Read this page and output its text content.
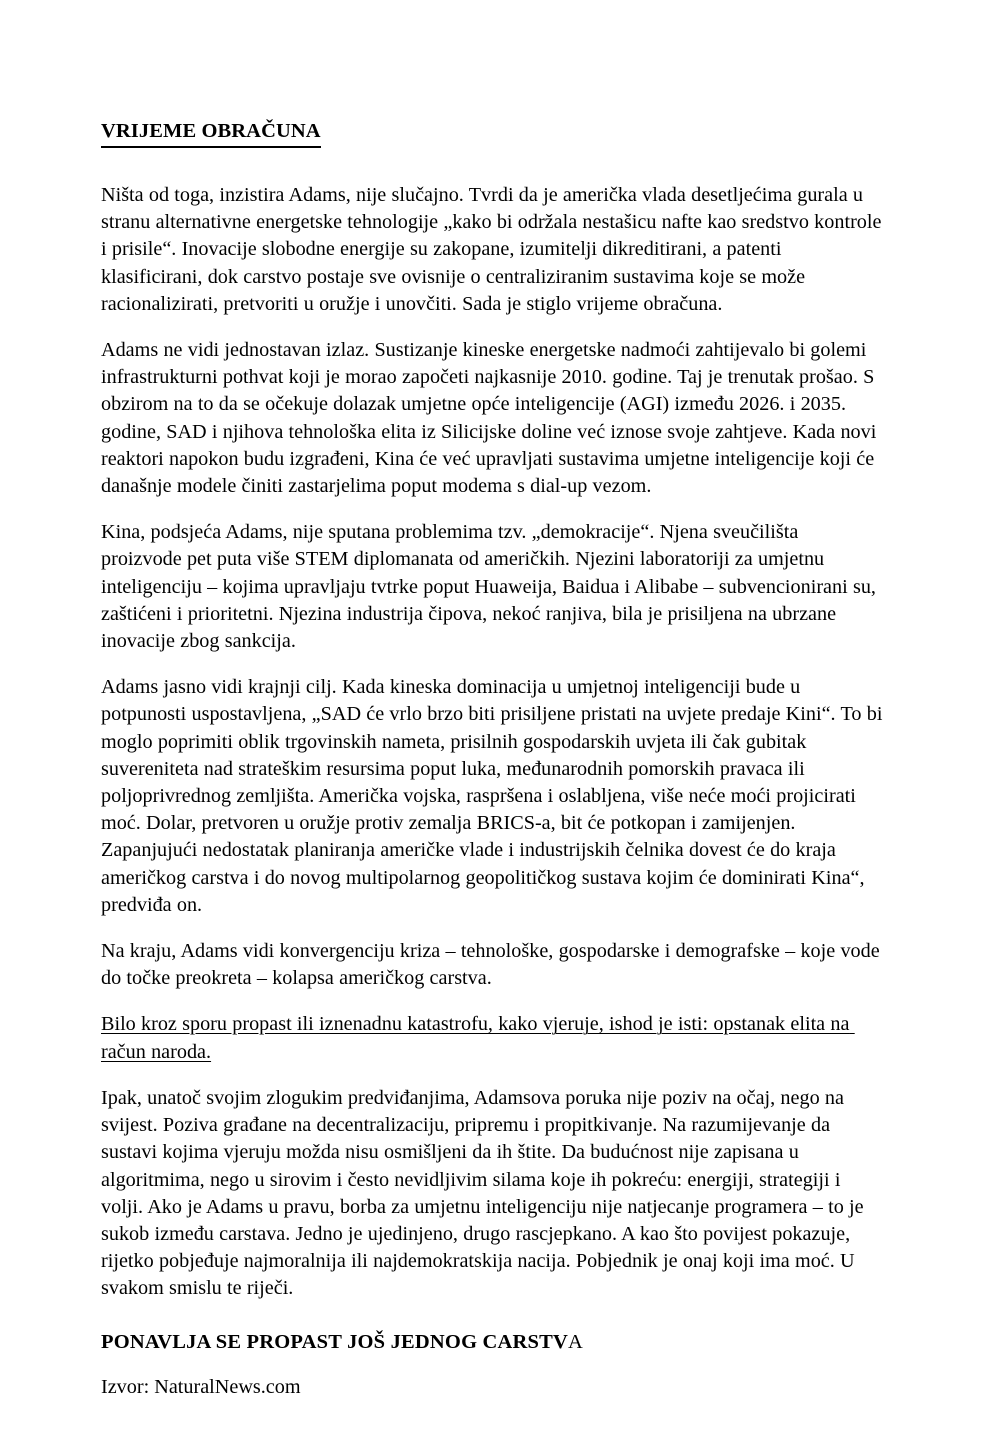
VRIJEME OBRAČUNA

Ništa od toga, inzistira Adams, nije slučajno. Tvrdi da je američka vlada desetljećima gurala u stranu alternativne energetske tehnologije „kako bi održala nestašicu nafte kao sredstvo kontrole i prisile“. Inovacije slobodne energije su zakopane, izumitelji dikreditirani, a patenti klasificirani, dok carstvo postaje sve ovisnije o centraliziranim sustavima koje se može racionalizirati, pretvoriti u oružje i unovčiti. Sada je stiglo vrijeme obračuna.

Adams ne vidi jednostavan izlaz. Sustizanje kineske energetske nadmoći zahtijevalo bi golemi infrastrukturni pothvat koji je morao započeti najkasnije 2010. godine. Taj je trenutak prošao. S  obzirom na to da se očekuje dolazak umjetne opće inteligencije (AGI) između 2026. i 2035. godine, SAD i njihova tehnološka elita iz Silicijske doline već iznose svoje zahtjeve. Kada novi reaktori napokon budu izgrađeni, Kina će već upravljati sustavima umjetne inteligencije koji će današnje modele činiti zastarjelima poput modema s dial-up vezom.

Kina, podsjeća Adams, nije sputana problemima tzv. „demokracije“. Njena sveučilišta proizvode pet puta više STEM diplomanata od američkih. Njezini laboratoriji za umjetnu inteligenciju – kojima upravljaju tvtrke poput Huaweija, Baidua i Alibabe – subvencionirani su, zaštićeni i prioritetni. Njezina industrija čipova, nekoć ranjiva, bila je prisiljena na ubrzane inovacije zbog sankcija.

Adams jasno vidi krajnji cilj. Kada kineska dominacija u umjetnoj inteligenciji bude u potpunosti uspostavljena, „SAD će vrlo brzo biti prisiljene pristati na uvjete predaje Kini“. To bi moglo poprimiti oblik trgovinskih nameta, prisilnih gospodarskih uvjeta ili čak gubitak suvereniteta nad strateškim resursima poput luka, međunarodnih pomorskih pravaca ili poljoprivrednog zemljišta. Američka vojska, raspršena i oslabljena, više neće moći projicirati moć. Dolar, pretvoren u oružje protiv zemalja BRICS-a, bit će potkopan i zamijenjen. Zapanjujući nedostatak planiranja američke vlade i industrijskih čelnika dovest će do kraja američkog carstva i do novog multipolarnog geopolitičkog sustava kojim će dominirati Kina“, predviđa on.

Na kraju, Adams vidi konvergenciju kriza – tehnološke, gospodarske i demografske – koje vode do točke preokreta – kolapsa američkog carstva.

Bilo kroz sporu propast ili iznenadnu katastrofu, kako vjeruje, ishod je isti: opstanak elita na račun naroda.

Ipak, unatoč svojim zlogukim predviđanjima, Adamsova poruka nije poziv na očaj, nego na svijest. Poziva građane na decentralizaciju, pripremu i propitkivanje. Na razumijevanje da sustavi kojima vjeruju možda nisu osmišljeni da ih štite. Da budućnost nije zapisana u algoritmima, nego u sirovim i često nevidljivim silama koje ih pokreću: energiji, strategiji i volji. Ako je Adams u pravu, borba za umjetnu inteligenciju nije natjecanje programera – to je sukob između carstava. Jedno je ujedinjeno, drugo rascjepkano. A kao što povijest pokazuje, rijetko pobjeđuje najmoralnija ili najdemokratskija nacija. Pobjednik je onaj koji ima moć. U svakom smislu te riječi.

PONAVLJA SE PROPAST JOŠ JEDNOG CARSTVA

Izvor: NaturalNews.com
